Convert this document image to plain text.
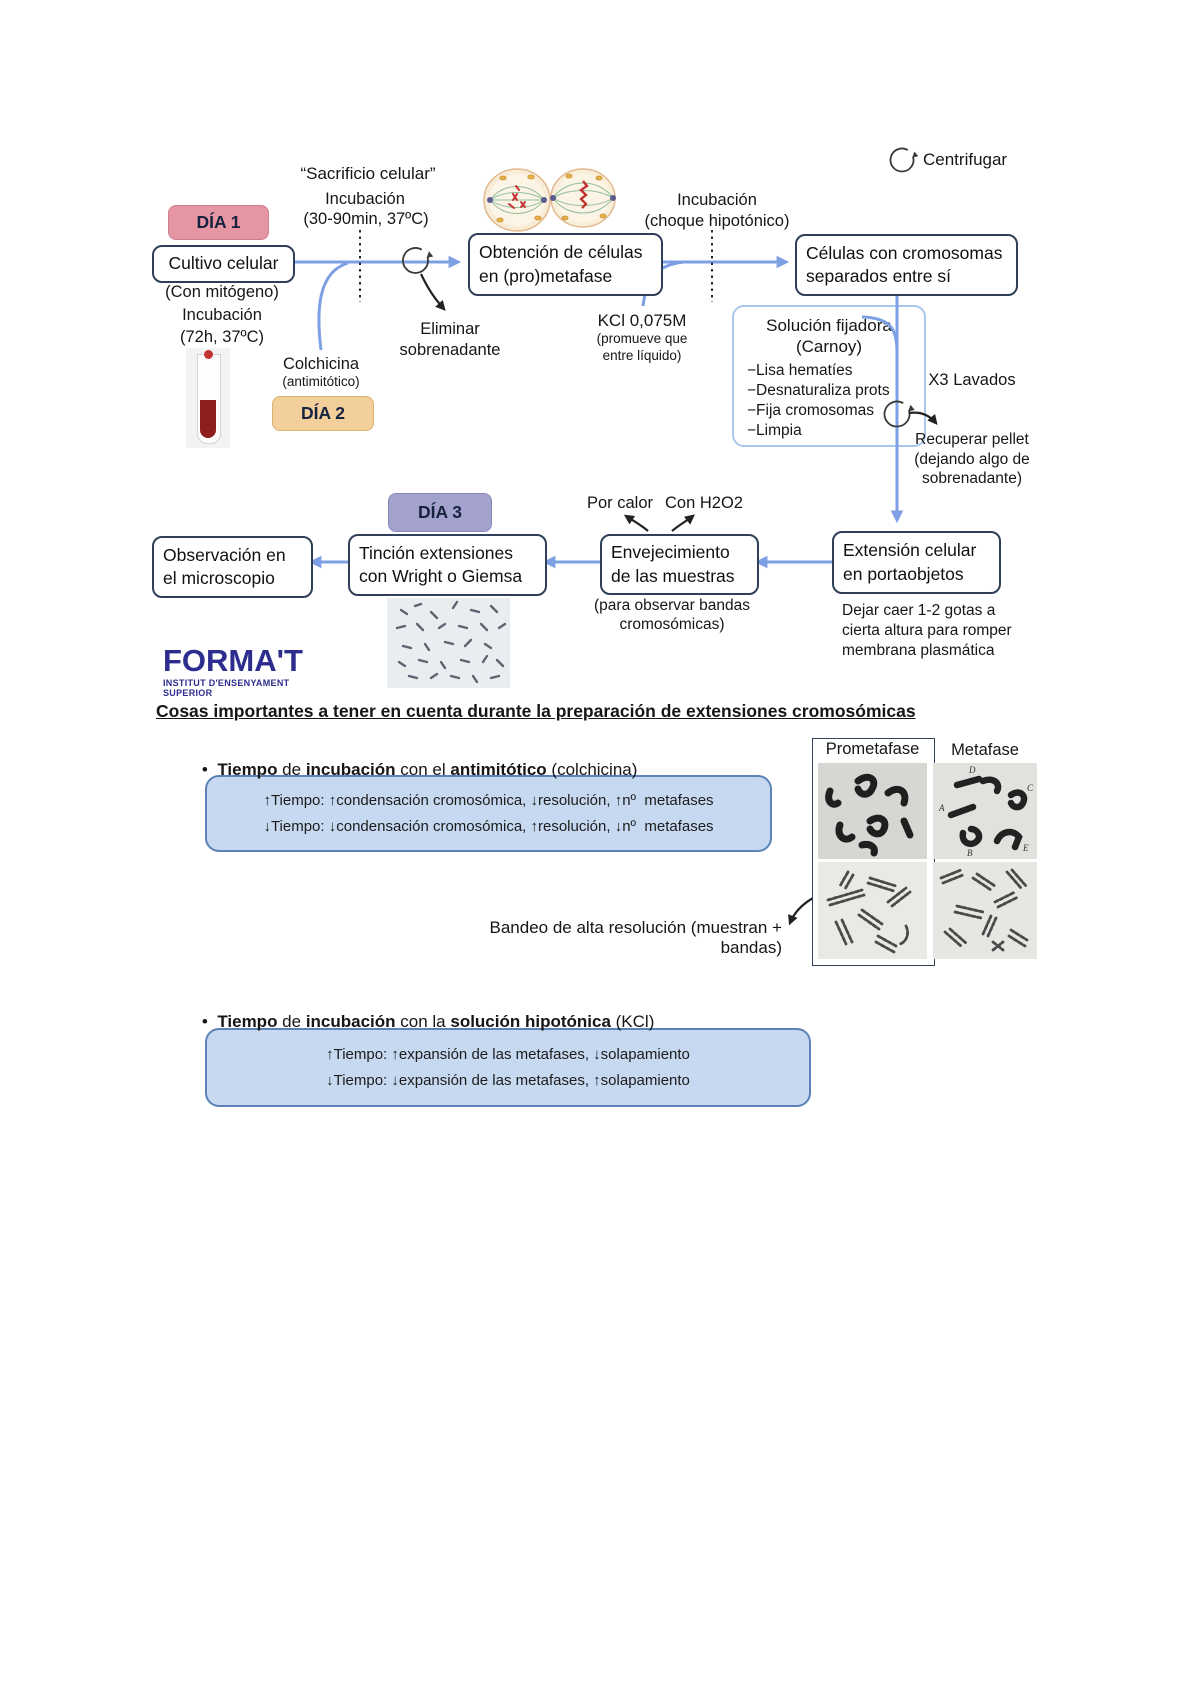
Centrifugar
DÍA 1
DÍA 2
DÍA 3
Cultivo celular
Obtención de células
en (pro)metafase
Células con cromosomas
separados entre sí
“Sacrificio celular”
Incubación
(30-90min, 37ºC)
(Con mitógeno)
Incubación
(72h, 37ºC)
Colchicina
(antimitótico)
Eliminar
sobrenadante
Incubación
(choque hipotónico)
KCl 0,075M
(promueve que
entre líquido)
Solución fijadora
(Carnoy)
−Lisa hematíes
−Desnaturaliza prots
−Fija cromosomas
−Limpia
X3 Lavados
Recuperar pellet
(dejando algo de
sobrenadante)
Extensión celular
en portaobjetos
Envejecimiento
de las muestras
Tinción extensiones
con Wright o Giemsa
Observación en
el microscopio
Por calor Con H2O2
(para observar bandas
cromosómicas)
Dejar caer 1-2 gotas a
cierta altura para romper
membrana plasmática
FORMA'T
INSTITUT D'ENSENYAMENT SUPERIOR
Cosas importantes a tener en cuenta durante la preparación de extensiones cromosómicas

• Tiempo de incubación con el antimitótico (colchicina)

↑Tiempo: ↑condensación cromosómica, ↓resolución, ↑nº  metafases
↓Tiempo: ↓condensación cromosómica, ↑resolución, ↓nº  metafases
Prometafase	Metafase
D
C
A
B	E
Bandeo de alta resolución (muestran + bandas)

• Tiempo de incubación con la solución hipotónica (KCl)

↑Tiempo: ↑expansión de las metafases, ↓solapamiento
↓Tiempo: ↓expansión de las metafases, ↑solapamiento
